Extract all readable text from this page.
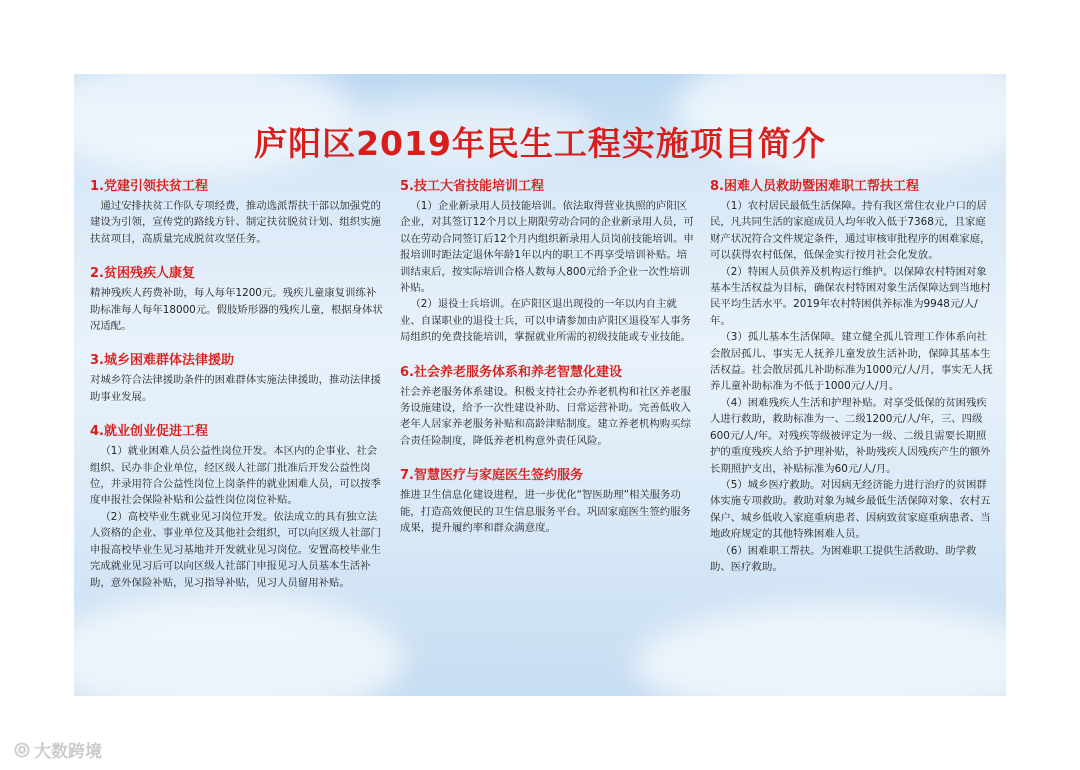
庐阳区2019年民生工程实施项目简介
1.党建引领扶贫工程
通过安排扶贫工作队专项经费，推动选派帮扶干部以加强党的建设为引领，宣传党的路线方针、制定扶贫脱贫计划、组织实施扶贫项目，高质量完成脱贫攻坚任务。
2.贫困残疾人康复
精神残疾人药费补助，每人每年1200元。残疾儿童康复训练补助标准每人每年18000元。假肢矫形器的残疾儿童，根据身体状况适配。
3.城乡困难群体法律援助
对城乡符合法律援助条件的困难群体实施法律援助，推动法律援助事业发展。
4.就业创业促进工程
（1）就业困难人员公益性岗位开发。本区内的企事业、社会组织、民办非企业单位，经区级人社部门批准后开发公益性岗位，并录用符合公益性岗位上岗条件的就业困难人员，可以按季度申报社会保险补贴和公益性岗位岗位补贴。
（2）高校毕业生就业见习岗位开发。依法成立的具有独立法人资格的企业、事业单位及其他社会组织，可以向区级人社部门申报高校毕业生见习基地并开发就业见习岗位。安置高校毕业生完成就业见习后可以向区级人社部门申报见习人员基本生活补助，意外保险补贴，见习指导补贴，见习人员留用补贴。
5.技工大省技能培训工程
（1）企业新录用人员技能培训。依法取得营业执照的庐阳区企业，对其签订12个月以上期限劳动合同的企业新录用人员，可以在劳动合同签订后12个月内组织新录用人员岗前技能培训。申报培训时距法定退休年龄1年以内的职工不再享受培训补贴。培训结束后，按实际培训合格人数每人800元给予企业一次性培训补贴。
（2）退役士兵培训。在庐阳区退出现役的一年以内自主就业、自谋职业的退役士兵，可以申请参加由庐阳区退役军人事务局组织的免费技能培训，掌握就业所需的初级技能或专业技能。
6.社会养老服务体系和养老智慧化建设
社会养老服务体系建设。积极支持社会办养老机构和社区养老服务设施建设，给予一次性建设补助、日常运营补助。完善低收入老年人居家养老服务补贴和高龄津贴制度。建立养老机构购买综合责任险制度，降低养老机构意外责任风险。
7.智慧医疗与家庭医生签约服务
推进卫生信息化建设进程，进一步优化“智医助理”相关服务功能，打造高效便民的卫生信息服务平台。巩固家庭医生签约服务成果，提升履约率和群众满意度。
8.困难人员救助暨困难职工帮扶工程
（1）农村居民最低生活保障。持有我区常住农业户口的居民，凡共同生活的家庭成员人均年收入低于7368元，且家庭财产状况符合文件规定条件，通过审核审批程序的困难家庭，可以获得农村低保，低保金实行按月社会化发放。
（2）特困人员供养及机构运行维护。以保障农村特困对象基本生活权益为目标，确保农村特困对象生活保障达到当地村民平均生活水平。2019年农村特困供养标准为9948元/人/年。
（3）孤儿基本生活保障。建立健全孤儿管理工作体系向社会散居孤儿、事实无人抚养儿童发放生活补助，保障其基本生活权益。社会散居孤儿补助标准为1000元/人/月，事实无人抚养儿童补助标准为不低于1000元/人/月。
（4）困难残疾人生活和护理补贴。对享受低保的贫困残疾人进行救助，救助标准为一、二级1200元/人/年，三、四级600元/人/年。对残疾等级被评定为一级、二级且需要长期照护的重度残疾人给予护理补贴，补助残疾人因残疾产生的额外长期照护支出，补贴标准为60元/人/月。
（5）城乡医疗救助。对因病无经济能力进行治疗的贫困群体实施专项救助。救助对象为城乡最低生活保障对象、农村五保户、城乡低收入家庭重病患者、因病致贫家庭重病患者、当地政府规定的其他特殊困难人员。
（6）困难职工帮扶。为困难职工提供生活救助、助学救助、医疗救助。
⦾ 大数跨境
